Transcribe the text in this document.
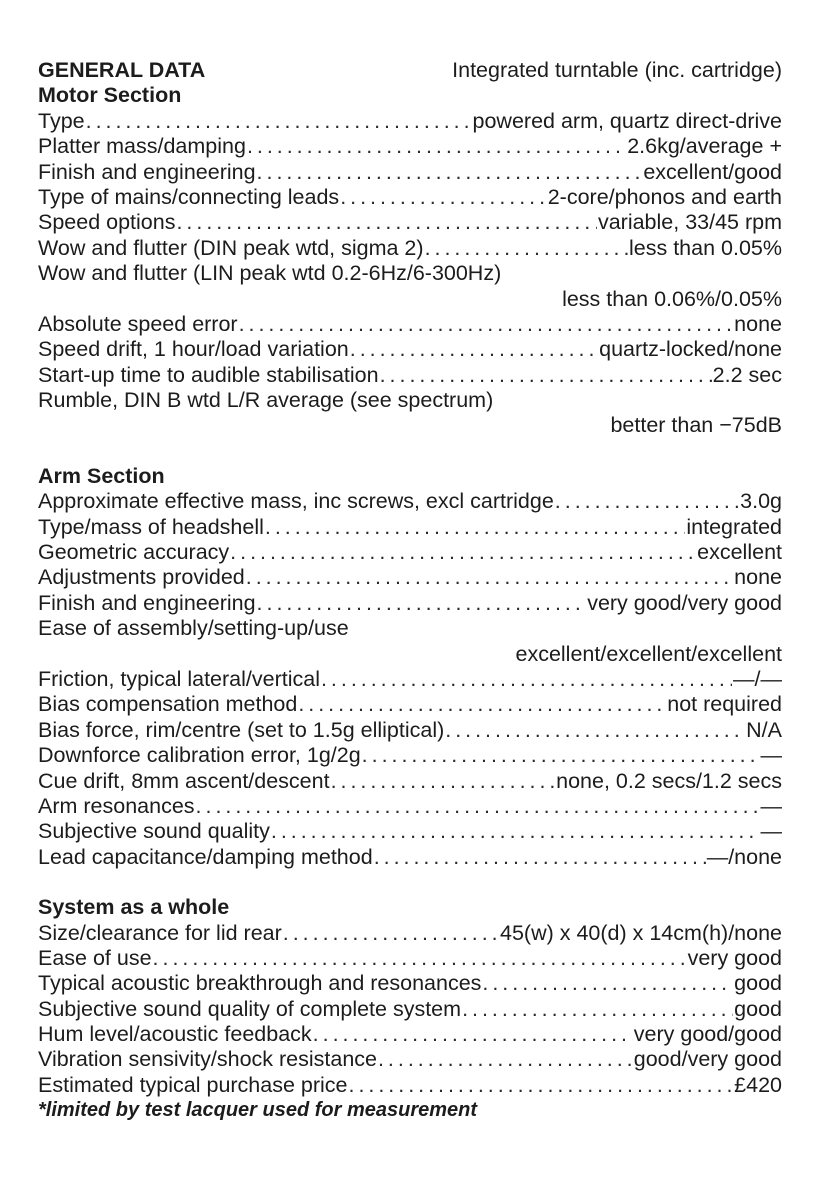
GENERAL DATA	Integrated turntable (inc. cartridge)
Motor Section
Type . . .	powered arm, quartz direct-drive
Platter mass/damping . . .	2.6kg/average +
Finish and engineering . . .	excellent/good
Type of mains/connecting leads . . .	2-core/phonos and earth
Speed options . . .	variable, 33/45 rpm
Wow and flutter (DIN peak wtd, sigma 2) . . .	less than 0.05%
Wow and flutter (LIN peak wtd 0.2-6Hz/6-300Hz)
less than 0.06%/0.05%
Absolute speed error . . .	none
Speed drift, 1 hour/load variation . . .	quartz-locked/none
Start-up time to audible stabilisation . . .	2.2 sec
Rumble, DIN B wtd L/R average (see spectrum)
better than −75dB
Arm Section
Approximate effective mass, inc screws, excl cartridge . . .	3.0g
Type/mass of headshell . . .	integrated
Geometric accuracy . . .	excellent
Adjustments provided . . .	none
Finish and engineering . . .	very good/very good
Ease of assembly/setting-up/use
excellent/excellent/excellent
Friction, typical lateral/vertical . . .	—/—
Bias compensation method . . .	not required
Bias force, rim/centre (set to 1.5g elliptical) . . .	N/A
Downforce calibration error, 1g/2g . . .	—
Cue drift, 8mm ascent/descent . . .	none, 0.2 secs/1.2 secs
Arm resonances . . .	—
Subjective sound quality . . .	—
Lead capacitance/damping method . . .	—/none
System as a whole
Size/clearance for lid rear . . .	45(w) x 40(d) x 14cm(h)/none
Ease of use . . .	very good
Typical acoustic breakthrough and resonances . . .	good
Subjective sound quality of complete system . . .	good
Hum level/acoustic feedback . . .	very good/good
Vibration sensivity/shock resistance . . .	good/very good
Estimated typical purchase price . . .	£420
*limited by test lacquer used for measurement
